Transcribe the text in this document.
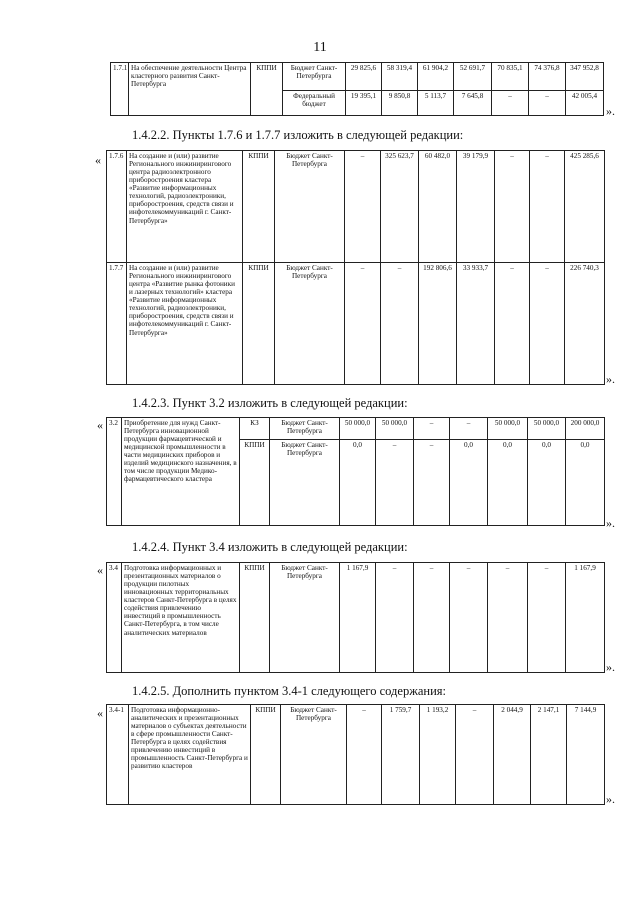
11
1.7.1	На обеспечение деятельности Центра кластерного развития Санкт-Петербурга	КППИ	Бюджет Санкт-Петербурга	29 825,6	58 319,4	61 904,2	52 691,7	70 835,1	74 376,8	347 952,8
			Федеральный бюджет	19 395,1	9 850,8	5 113,7	7 645,8	–	–	42 005,4
».
1.4.2.2. Пункты 1.7.6 и 1.7.7 изложить в следующей редакции:
« 1.7.6	На создание и (или) развитие Регионального инжинирингового центра радиоэлектронного приборостроения кластера «Развитие информационных технологий, радиоэлектроники, приборостроения, средств связи и инфотелекоммуникаций г. Санкт-Петербурга»	КППИ	Бюджет Санкт-Петербурга	–	325 623,7	60 482,0	39 179,9	–	–	425 285,6
1.7.7	На создание и (или) развитие Регионального инжинирингового центра «Развитие рынка фотоники и лазерных технологий» кластера «Развитие информационных технологий, радиоэлектроники, приборостроения, средств связи и инфотелекоммуникаций г. Санкт-Петербурга»	КППИ	Бюджет Санкт-Петербурга	–	–	192 806,6	33 933,7	–	–	226 740,3
».
1.4.2.3. Пункт 3.2 изложить в следующей редакции:
« 3.2	Приобретение для нужд Санкт-Петербурга инновационной продукции фармацевтической и медицинской промышленности в части медицинских приборов и изделий медицинского назначения, в том числе продукции Медико-фармацевтического кластера	КЗ	Бюджет Санкт-Петербурга	50 000,0	50 000,0	–	–	50 000,0	50 000,0	200 000,0
		КППИ	Бюджет Санкт-Петербурга	0,0	–	–	0,0	0,0	0,0	0,0
».
1.4.2.4. Пункт 3.4 изложить в следующей редакции:
« 3.4	Подготовка информационных и презентационных материалов о продукции пилотных инновационных территориальных кластеров Санкт-Петербурга в целях содействия привлечению инвестиций в промышленность Санкт-Петербурга, в том числе аналитических материалов	КППИ	Бюджет Санкт-Петербурга	1 167,9	–	–	–	–	–	1 167,9
».
1.4.2.5. Дополнить пунктом 3.4-1 следующего содержания:
« 3.4-1	Подготовка информационно-аналитических и презентационных материалов о субъектах деятельности в сфере промышленности Санкт-Петербурга в целях содействия привлечению инвестиций в промышленность Санкт-Петербурга и развитию кластеров	КППИ	Бюджет Санкт-Петербурга	–	1 759,7	1 193,2	–	2 044,9	2 147,1	7 144,9
».
